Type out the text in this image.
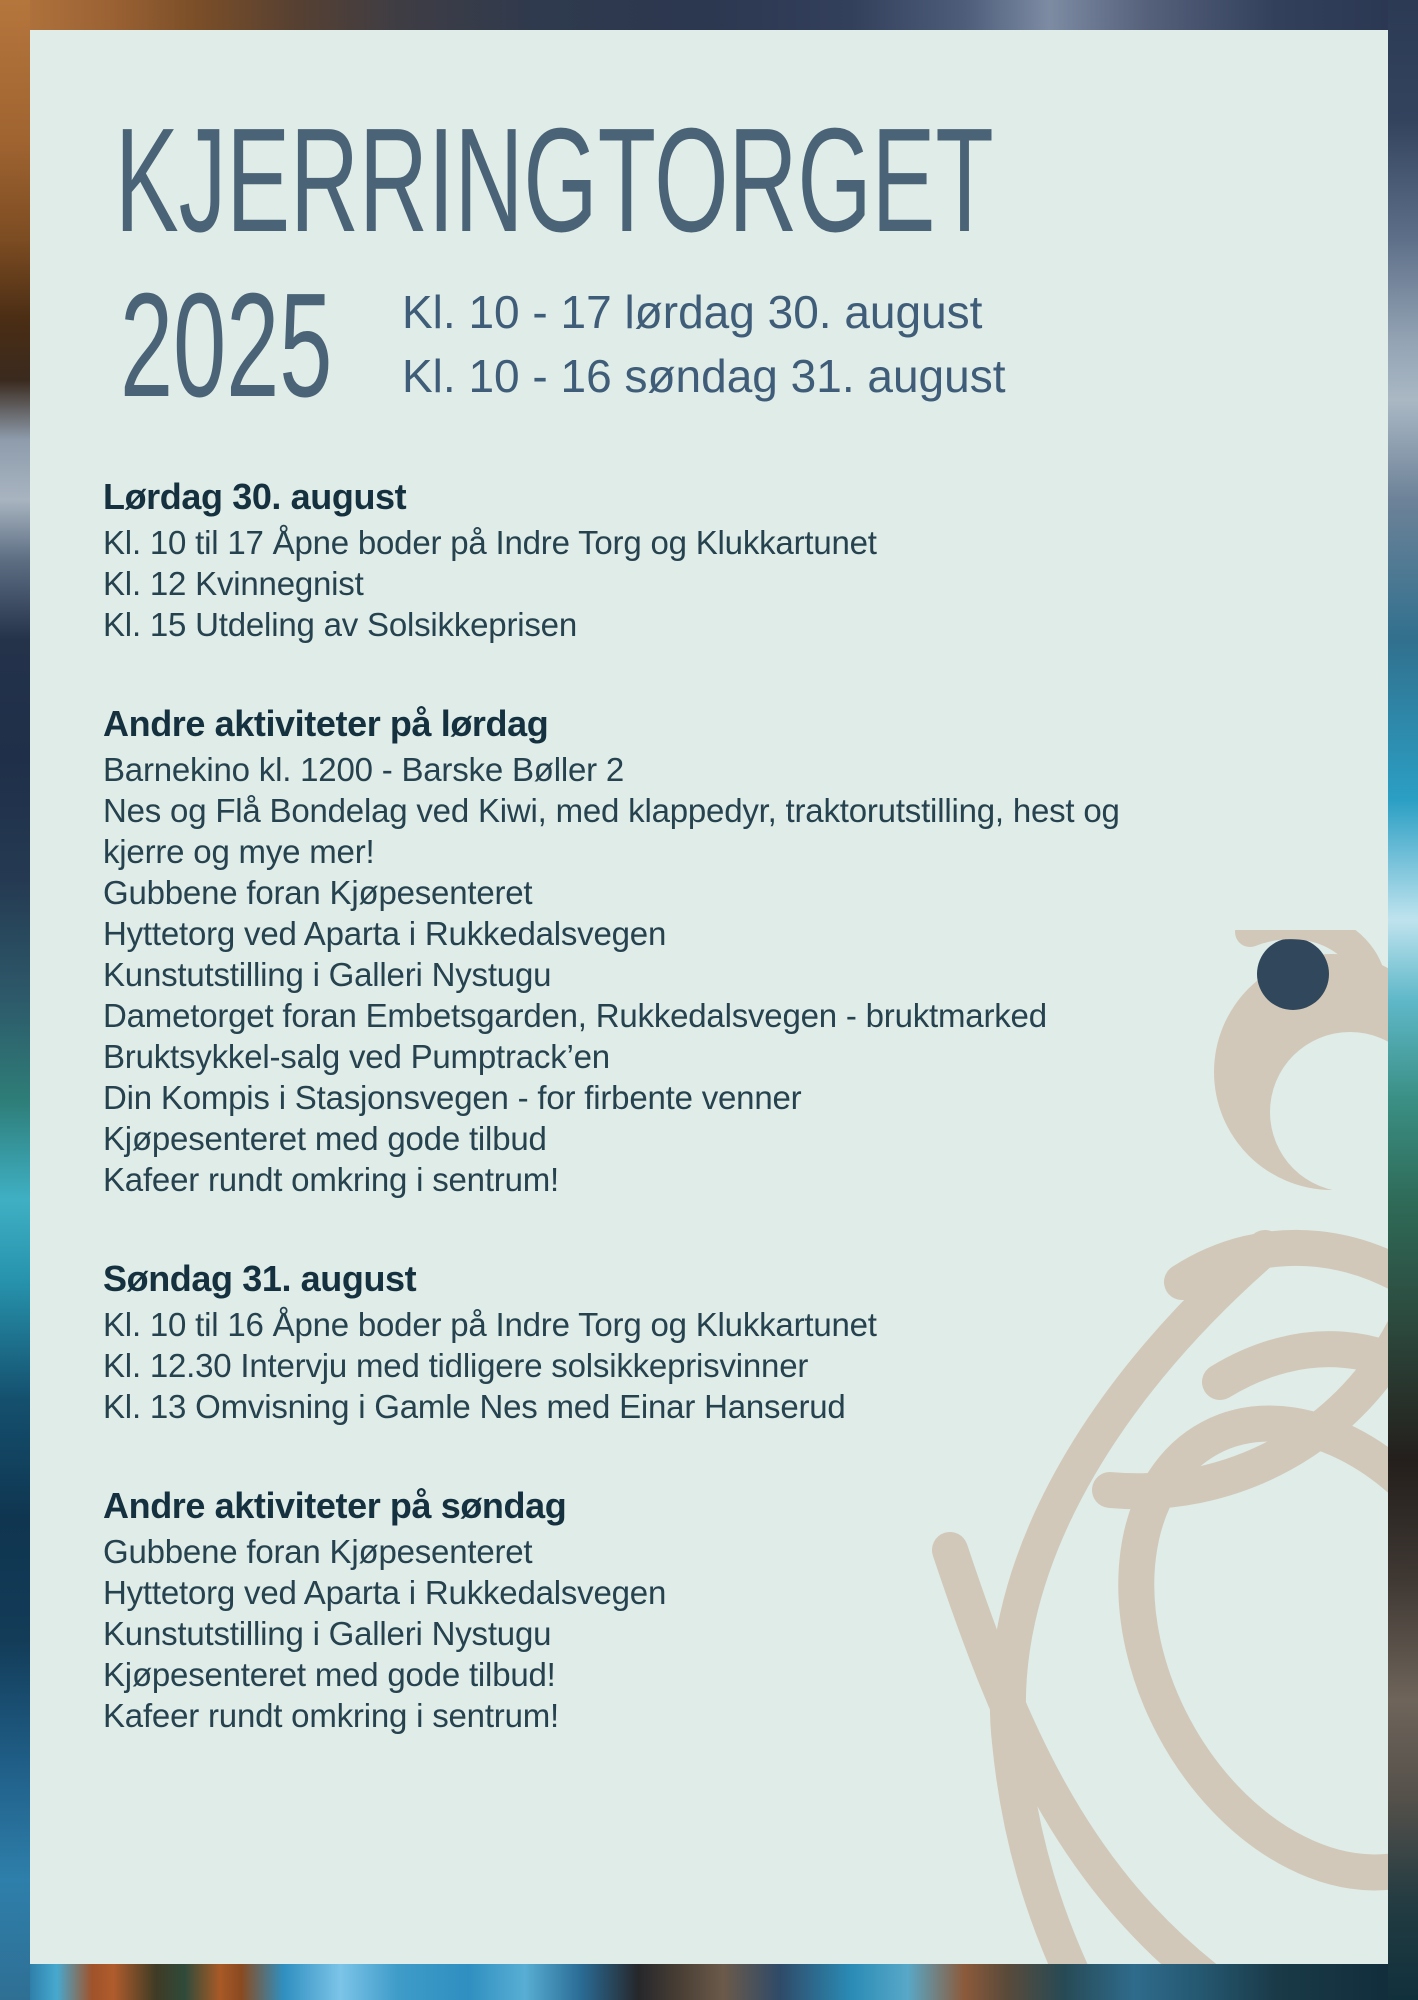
KJERRINGTORGET
2025 Kl. 10 - 17 lørdag 30. august
Kl. 10 - 16 søndag 31. august
Lørdag 30. august
Kl. 10 til 17 Åpne boder på Indre Torg og Klukkartunet
Kl. 12 Kvinnegnist
Kl. 15 Utdeling av Solsikkeprisen
Andre aktiviteter på lørdag
Barnekino kl. 1200 - Barske Bøller 2
Nes og Flå Bondelag ved Kiwi, med klappedyr, traktorutstilling, hest og kjerre og mye mer!
Gubbene foran Kjøpesenteret
Hyttetorg ved Aparta i Rukkedalsvegen
Kunstutstilling i Galleri Nystugu
Dametorget foran Embetsgarden, Rukkedalsvegen - bruktmarked
Bruktsykkel-salg ved Pumptrack’en
Din Kompis i Stasjonsvegen - for firbente venner
Kjøpesenteret med gode tilbud
Kafeer rundt omkring i sentrum!
Søndag 31. august
Kl. 10 til 16 Åpne boder på Indre Torg og Klukkartunet
Kl. 12.30 Intervju med tidligere solsikkeprisvinner
Kl. 13 Omvisning i Gamle Nes med Einar Hanserud
Andre aktiviteter på søndag
Gubbene foran Kjøpesenteret
Hyttetorg ved Aparta i Rukkedalsvegen
Kunstutstilling i Galleri Nystugu
Kjøpesenteret med gode tilbud!
Kafeer rundt omkring i sentrum!
